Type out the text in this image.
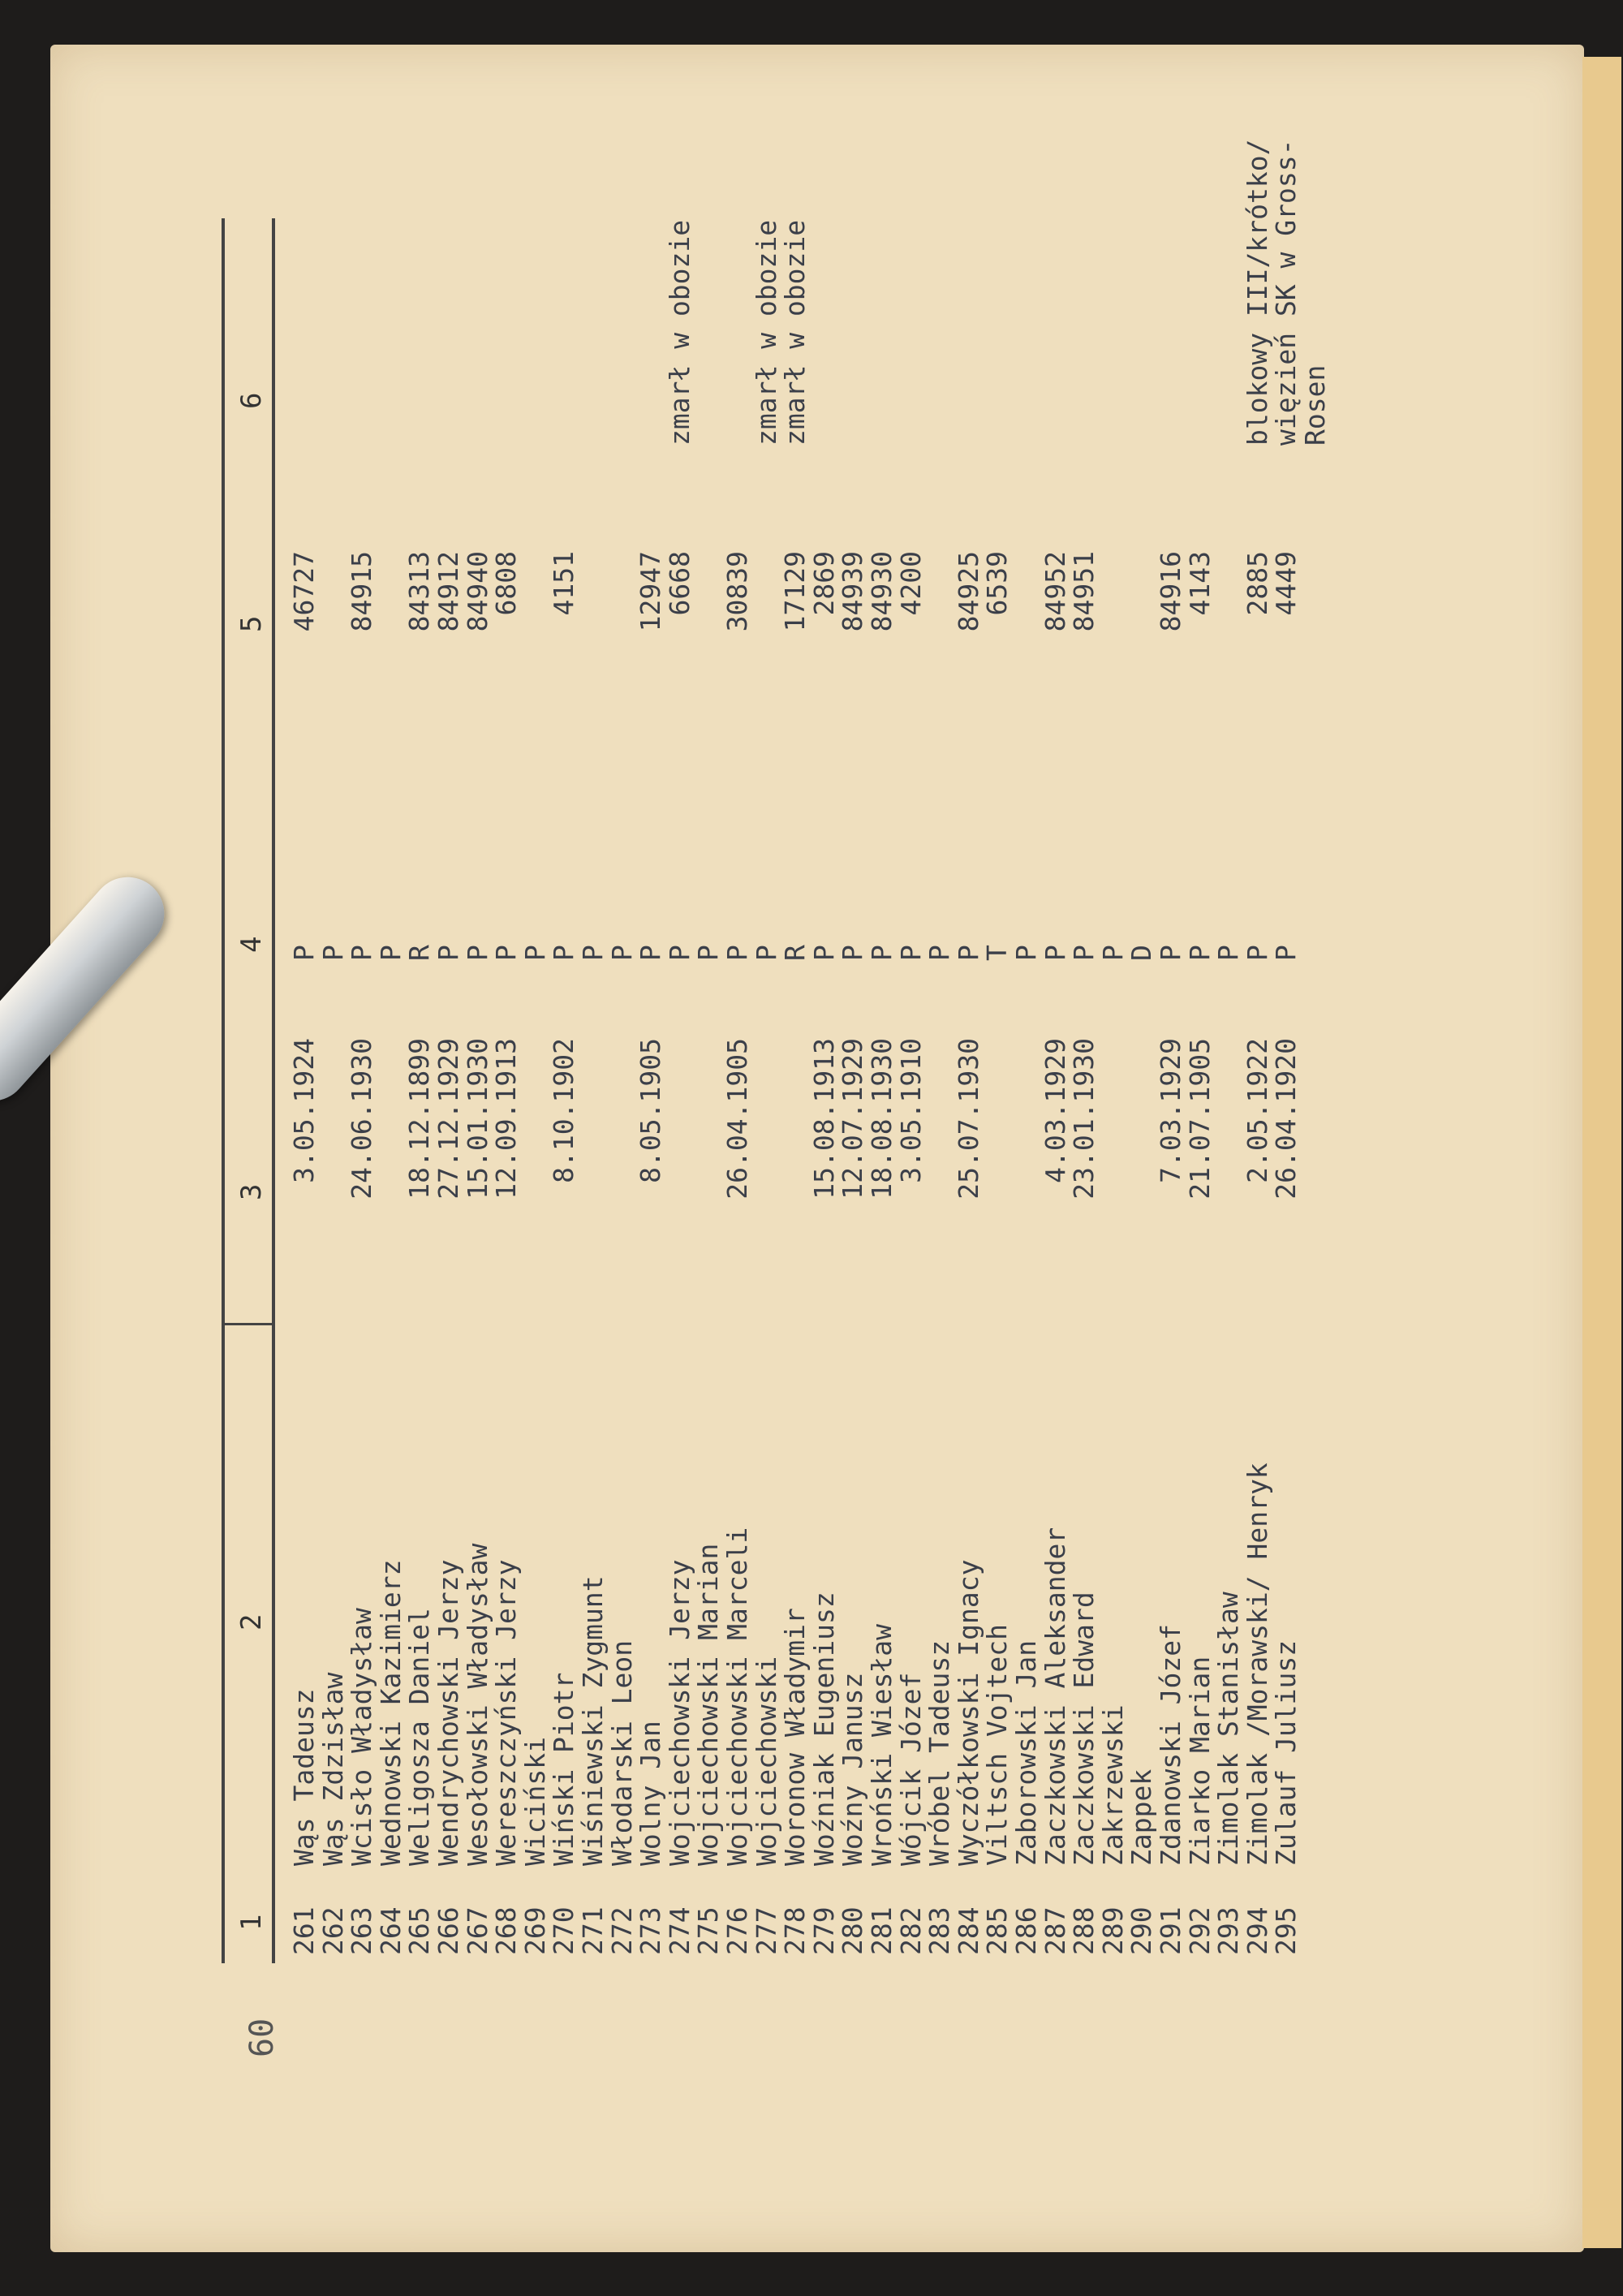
1
2
3
4
5
6
261
Wąs Tadeusz
3.05.1924
P
46727
262
Wąs Zdzisław
P
263
Wcisło Władysław
24.06.1930
P
84915
264
Wednowski Kazimierz
P
265
Weligosza Daniel
18.12.1899
R
84313
266
Wendrychowski Jerzy
27.12.1929
P
84912
267
Wesołowski Władysław
15.01.1930
P
84940
268
Wereszczyński Jerzy
12.09.1913
P
6808
269
Wiciński
P
270
Wiński Piotr
8.10.1902
P
4151
271
Wiśniewski Zygmunt
P
272
Włodarski Leon
P
273
Wolny Jan
8.05.1905
P
12947
274
Wojciechowski Jerzy
P
6668
zmarł w obozie
275
Wojciechowski Marian
P
276
Wojciechowski Marceli
26.04.1905
P
30839
277
Wojciechowski
P
zmarł w obozie
278
Woronow Władymir
R
17129
zmarł w obozie
279
Woźniak Eugeniusz
15.08.1913
P
2869
280
Woźny Janusz
12.07.1929
P
84939
281
Wroński Wiesław
18.08.1930
P
84930
282
Wójcik Józef
3.05.1910
P
4200
283
Wróbel Tadeusz
P
284
Wyczółkowski Ignacy
25.07.1930
P
84925
285
Viltsch Vojtech
T
6539
286
Zaborowski Jan
P
287
Zaczkowski Aleksander
4.03.1929
P
84952
288
Zaczkowski Edward
23.01.1930
P
84951
289
Zakrzewski
P
290
Zappek
D
291
Zdanowski Józef
7.03.1929
P
84916
292
Ziarko Marian
21.07.1905
P
4143
293
Zimolak Stanisław
P
294
Zimolak /Morawski/ Henryk
2.05.1922
P
2885
blokowy III/krótko/
295
Zulauf Juliusz
26.04.1920
P
4449
więzień SK w Gross-
Rosen
60
